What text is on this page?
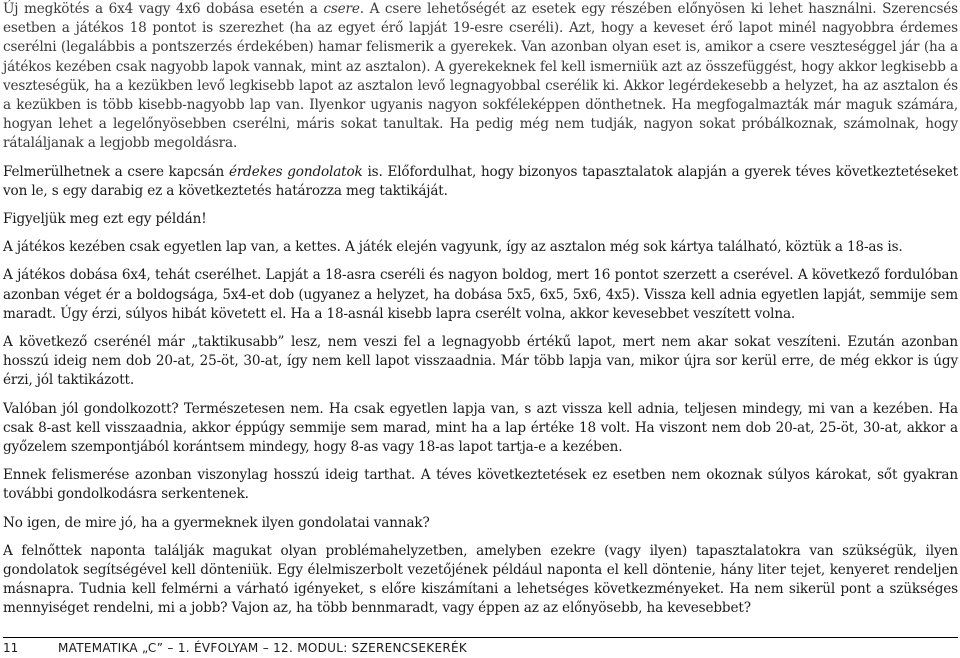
Új megkötés a 6x4 vagy 4x6 dobása esetén a csere. A csere lehetőségét az esetek egy részében előnyösen ki lehet használni. Szerencsés esetben a játékos 18 pontot is szerezhet (ha az egyet érő lapját 19-esre cseréli). Azt, hogy a keveset érő lapot minél nagyobbra érdemes cserélni (legalábbis a pontszerzés érdekében) hamar felismerik a gyerekek. Van azonban olyan eset is, amikor a csere veszteséggel jár (ha a játékos kezében csak nagyobb lapok vannak, mint az asztalon). A gyerekeknek fel kell ismerniük azt az összefüggést, hogy akkor legkisebb a veszteségük, ha a kezükben levő legkisebb lapot az asztalon levő legnagyobbal cserélik ki. Akkor legérdekesebb a helyzet, ha az asztalon és a kezükben is több kisebb-nagyobb lap van. Ilyenkor ugyanis nagyon sokféleképpen dönthetnek. Ha megfogalmazták már maguk számára, hogyan lehet a legelőnyösebben cserélni, máris sokat tanultak. Ha pedig még nem tudják, nagyon sokat próbálkoznak, számolnak, hogy rátaláljanak a legjobb megoldásra.

Felmerülhetnek a csere kapcsán érdekes gondolatok is. Előfordulhat, hogy bizonyos tapasztalatok alapján a gyerek téves következtetéseket von le, s egy darabig ez a következtetés határozza meg taktikáját.

Figyeljük meg ezt egy példán!

A játékos kezében csak egyetlen lap van, a kettes. A játék elején vagyunk, így az asztalon még sok kártya található, köztük a 18-as is.

A játékos dobása 6x4, tehát cserélhet. Lapját a 18-asra cseréli és nagyon boldog, mert 16 pontot szerzett a cserével. A következő fordulóban azonban véget ér a boldogsága, 5x4-et dob (ugyanez a helyzet, ha dobása 5x5, 6x5, 5x6, 4x5). Vissza kell adnia egyetlen lapját, semmije sem maradt. Úgy érzi, súlyos hibát követett el. Ha a 18-asnál kisebb lapra cserélt volna, akkor kevesebbet veszített volna.

A következő cserénél már „taktikusabb” lesz, nem veszi fel a legnagyobb értékű lapot, mert nem akar sokat veszíteni. Ezután azonban hosszú ideig nem dob 20-at, 25-öt, 30-at, így nem kell lapot visszaadnia. Már több lapja van, mikor újra sor kerül erre, de még ekkor is úgy érzi, jól taktikázott.

Valóban jól gondolkozott? Természetesen nem. Ha csak egyetlen lapja van, s azt vissza kell adnia, teljesen mindegy, mi van a kezében. Ha csak 8-ast kell visszaadnia, akkor éppúgy semmije sem marad, mint ha a lap értéke 18 volt. Ha viszont nem dob 20-at, 25-öt, 30-at, akkor a győzelem szempontjából korántsem mindegy, hogy 8-as vagy 18-as lapot tartja-e a kezében.

Ennek felismerése azonban viszonylag hosszú ideig tarthat. A téves következtetések ez esetben nem okoznak súlyos károkat, sőt gyakran további gondolkodásra serkentenek.

No igen, de mire jó, ha a gyermeknek ilyen gondolatai vannak?

A felnőttek naponta találják magukat olyan problémahelyzetben, amelyben ezekre (vagy ilyen) tapasztalatokra van szükségük, ilyen gondolatok segítségével kell dönteniük. Egy élelmiszerbolt vezetőjének például naponta el kell döntenie, hány liter tejet, kenyeret rendeljen másnapra. Tudnia kell felmérni a várható igényeket, s előre kiszámítani a lehetséges következményeket. Ha nem sikerül pont a szükséges mennyiséget rendelni, mi a jobb? Vajon az, ha több bennmaradt, vagy éppen az az előnyösebb, ha kevesebbet?

11	MATEMATIKA „C” – 1. ÉVFOLYAM – 12. MODUL: SZERENCSEKERÉK
